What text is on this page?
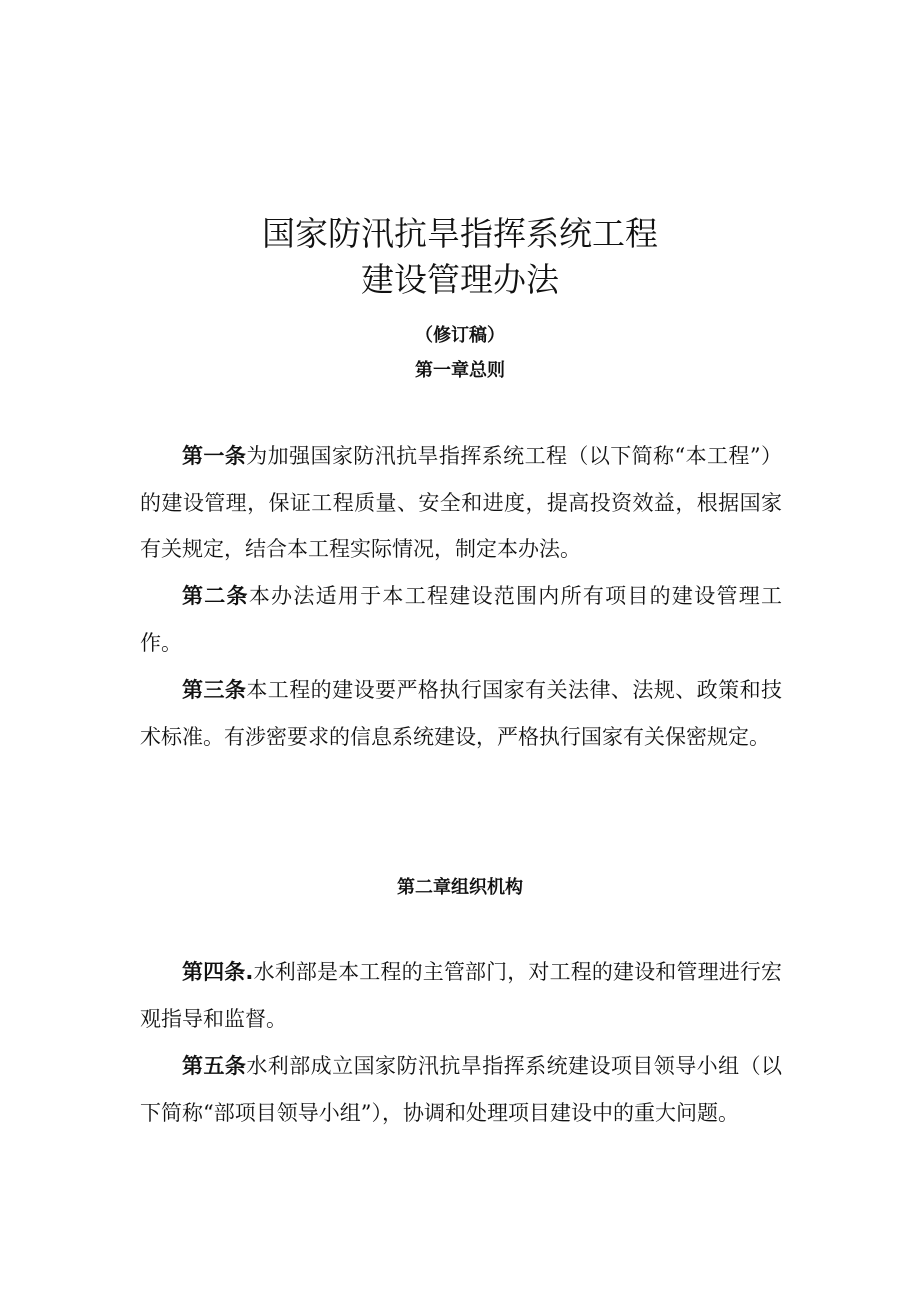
国家防汛抗旱指挥系统工程
建设管理办法
（修订稿）
第一章总则
第一条为加强国家防汛抗旱指挥系统工程（以下简称“本工程”）的建设管理，保证工程质量、安全和进度，提高投资效益，根据国家有关规定，结合本工程实际情况，制定本办法。
第二条本办法适用于本工程建设范围内所有项目的建设管理工作。
第三条本工程的建设要严格执行国家有关法律、法规、政策和技术标准。有涉密要求的信息系统建设，严格执行国家有关保密规定。
第二章组织机构
第四条.水利部是本工程的主管部门，对工程的建设和管理进行宏观指导和监督。
第五条水利部成立国家防汛抗旱指挥系统建设项目领导小组（以下简称“部项目领导小组”），协调和处理项目建设中的重大问题。
